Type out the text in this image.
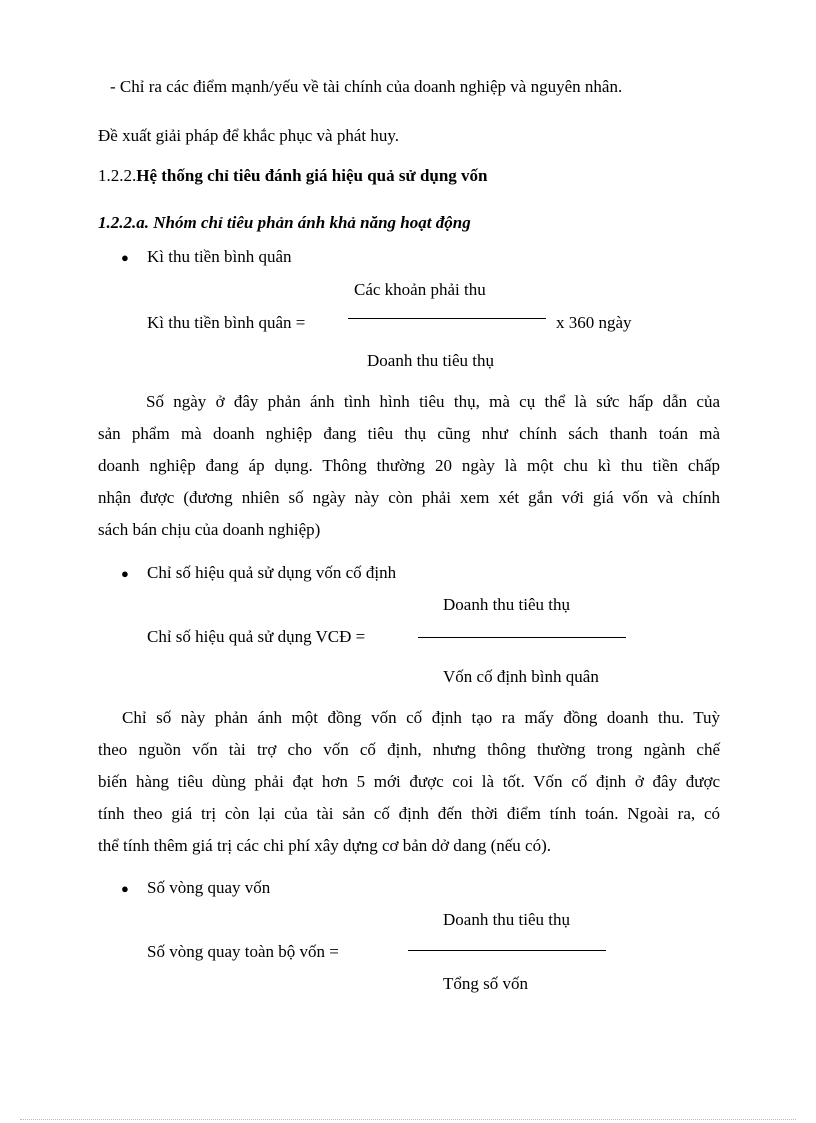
- Chỉ ra các điểm mạnh/yếu về tài chính của doanh nghiệp và nguyên nhân.
Đề xuất giải pháp để khắc phục và phát huy.
1.2.2.Hệ thống chỉ tiêu đánh giá hiệu quả sử dụng vốn
1.2.2.a. Nhóm chỉ tiêu phản ánh khả năng hoạt động
● Kì thu tiền bình quân
Các khoản phải thu
Kì thu tiền bình quân =	x 360 ngày
Doanh thu tiêu thụ
Số ngày ở đây phản ánh tình hình tiêu thụ, mà cụ thể là sức hấp dẫn của
sản phẩm mà doanh nghiệp đang tiêu thụ cũng như chính sách thanh toán mà
doanh nghiệp đang áp dụng. Thông thường 20 ngày là một chu kì thu tiền chấp
nhận được (đương nhiên số ngày này còn phải xem xét gắn với giá vốn và chính
sách bán chịu của doanh nghiệp)
● Chỉ số hiệu quả sử dụng vốn cố định
Doanh thu tiêu thụ
Chỉ số hiệu quả sử dụng VCĐ =
Vốn cố định bình quân
Chỉ số này phản ánh một đồng vốn cố định tạo ra mấy đồng doanh thu. Tuỳ
theo nguồn vốn tài trợ cho vốn cố định, nhưng thông thường trong ngành chế
biến hàng tiêu dùng phải đạt hơn 5 mới được coi là tốt. Vốn cố định ở đây được
tính theo giá trị còn lại của tài sản cố định đến thời điểm tính toán. Ngoài ra, có
thể tính thêm giá trị các chi phí xây dựng cơ bản dở dang (nếu có).
● Số vòng quay vốn
Doanh thu tiêu thụ
Số vòng quay toàn bộ vốn =
Tổng số vốn
